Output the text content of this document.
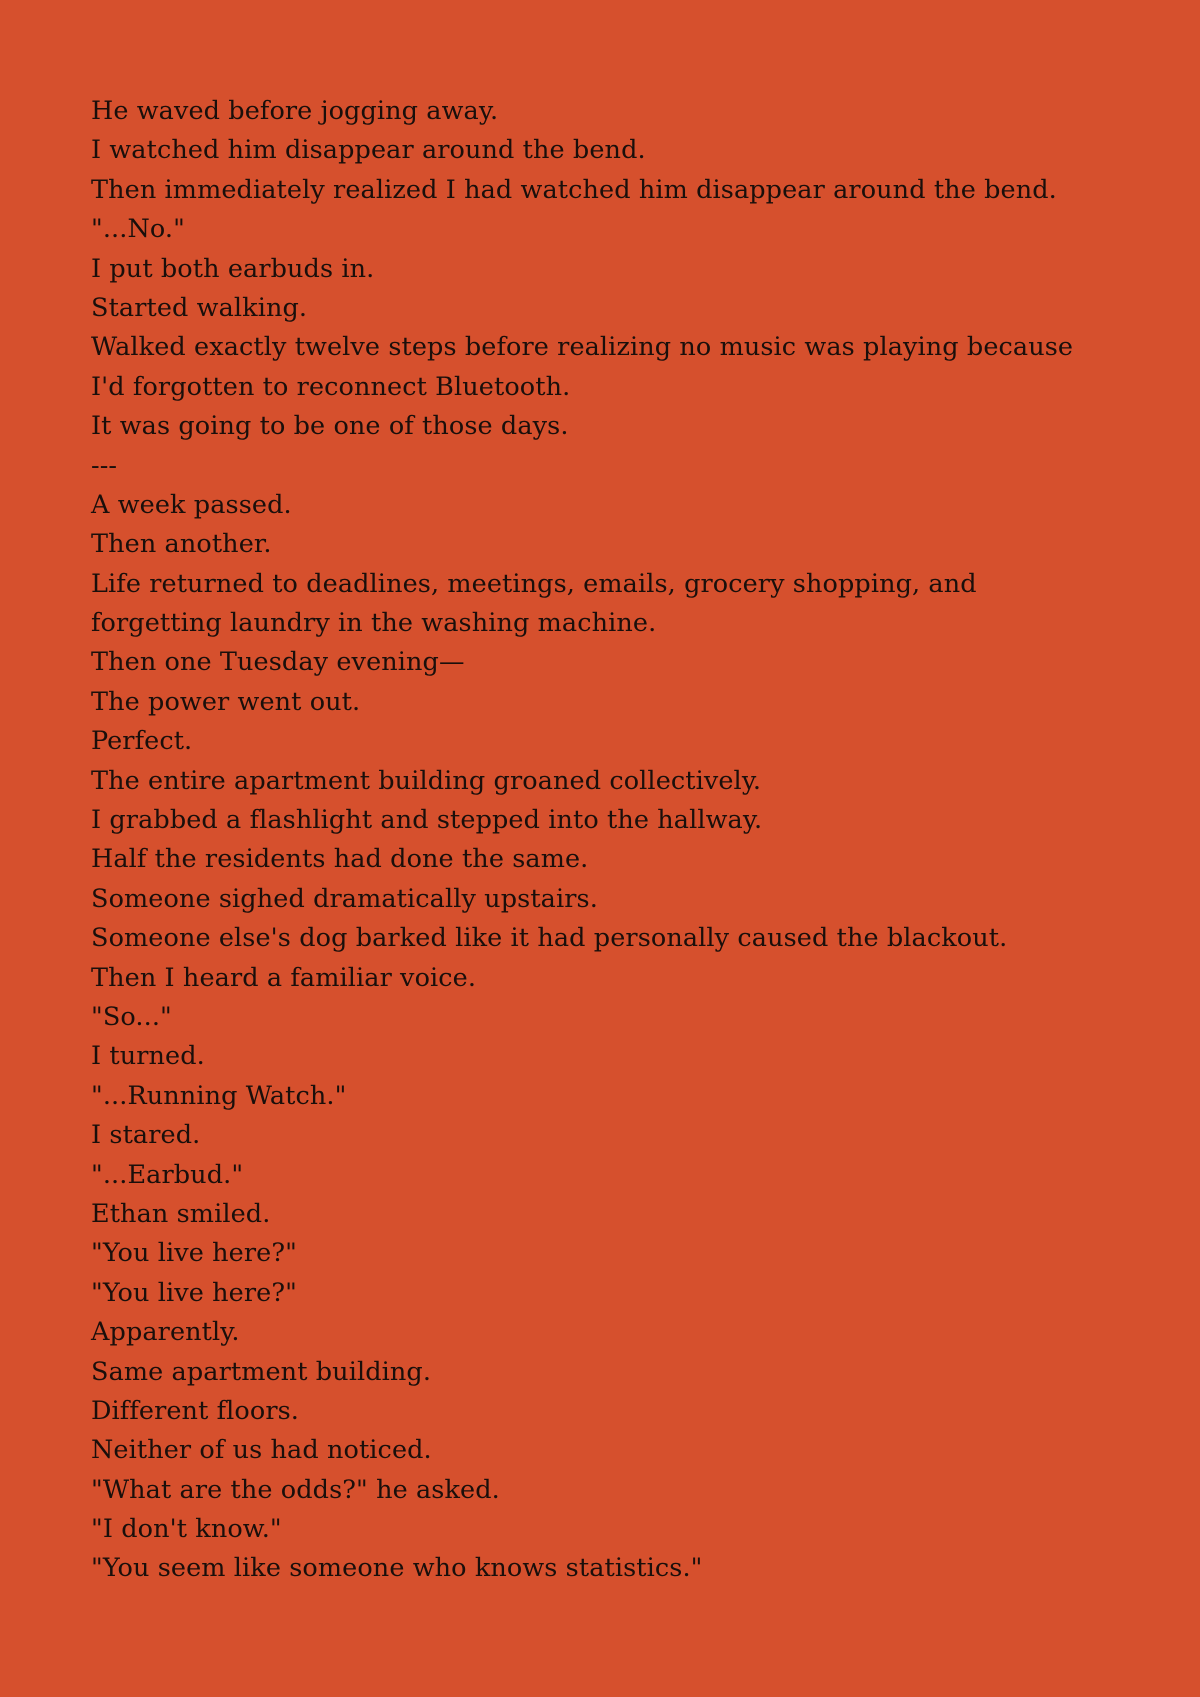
He waved before jogging away.

I watched him disappear around the bend.

Then immediately realized I had watched him disappear around the bend.

"...No."

I put both earbuds in.

Started walking.

Walked exactly twelve steps before realizing no music was playing because

I'd forgotten to reconnect Bluetooth.

It was going to be one of those days.

---

A week passed.

Then another.

Life returned to deadlines, meetings, emails, grocery shopping, and

forgetting laundry in the washing machine.

Then one Tuesday evening—

The power went out.

Perfect.

The entire apartment building groaned collectively.

I grabbed a flashlight and stepped into the hallway.

Half the residents had done the same.

Someone sighed dramatically upstairs.

Someone else's dog barked like it had personally caused the blackout.

Then I heard a familiar voice.

"So..."

I turned.

"...Running Watch."

I stared.

"...Earbud."

Ethan smiled.

"You live here?"

"You live here?"

Apparently.

Same apartment building.

Different floors.

Neither of us had noticed.

"What are the odds?" he asked.

"I don't know."

"You seem like someone who knows statistics."
